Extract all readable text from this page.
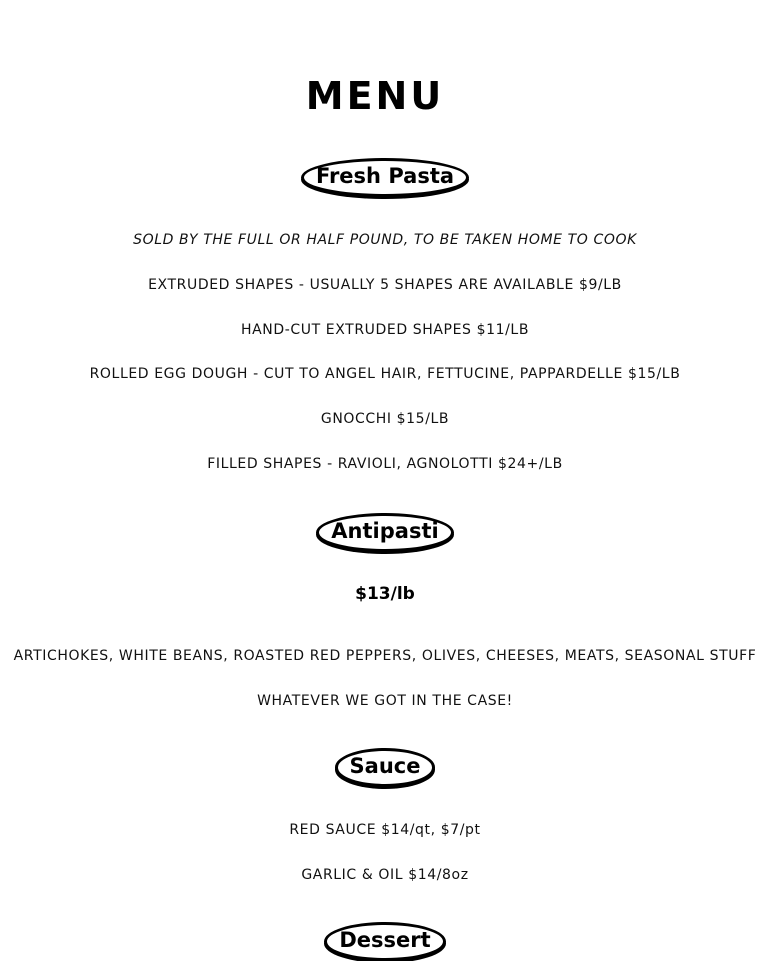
MENU
Fresh Pasta
SOLD BY THE FULL OR HALF POUND, TO BE TAKEN HOME TO COOK
EXTRUDED SHAPES - USUALLY 5 SHAPES ARE AVAILABLE $9/LB
HAND-CUT EXTRUDED SHAPES $11/LB
ROLLED EGG DOUGH - CUT TO ANGEL HAIR, FETTUCINE, PAPPARDELLE $15/LB
GNOCCHI $15/LB
FILLED SHAPES - RAVIOLI, AGNOLOTTI $24+/LB
Antipasti
$13/lb
ARTICHOKES, WHITE BEANS, ROASTED RED PEPPERS, OLIVES, CHEESES, MEATS, SEASONAL STUFF
WHATEVER WE GOT IN THE CASE!
Sauce
RED SAUCE $14/qt, $7/pt
GARLIC & OIL $14/8oz
Dessert
